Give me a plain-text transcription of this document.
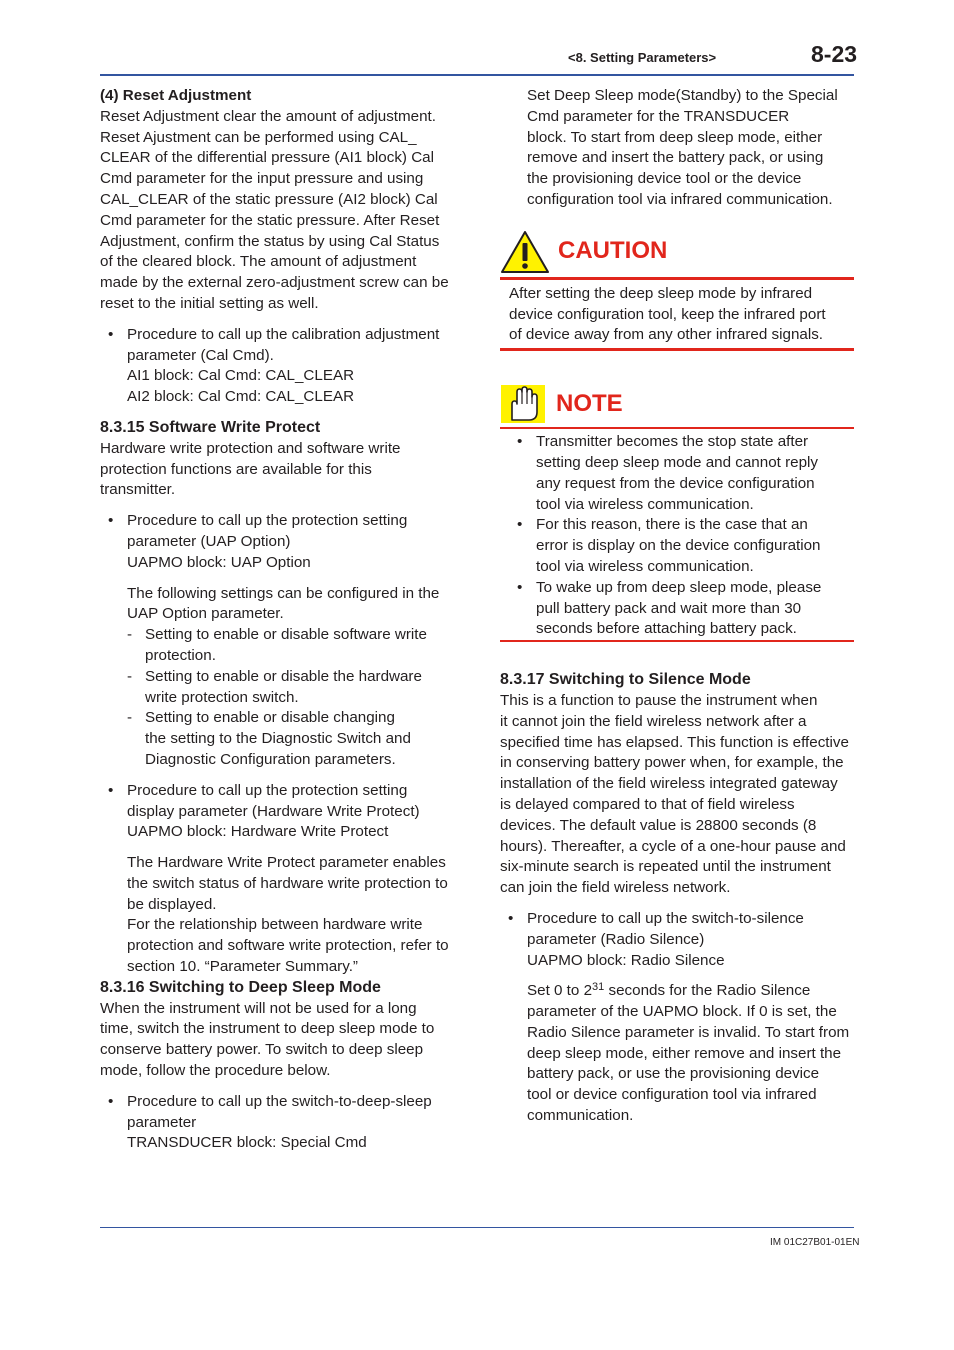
<8. Setting Parameters>	8-23

(4) Reset Adjustment

Reset Adjustment clear the amount of adjustment.
Reset Ajustment can be performed using CAL_
CLEAR of the differential pressure (AI1 block) Cal
Cmd parameter for the input pressure and using
CAL_CLEAR of the static pressure (AI2 block) Cal
Cmd parameter for the static pressure. After Reset
Adjustment, confirm the status by using Cal Status
of the cleared block. The amount of adjustment
made by the external zero-adjustment screw can be
reset to the initial setting as well.

• Procedure to call up the calibration adjustment
parameter (Cal Cmd).
AI1 block: Cal Cmd: CAL_CLEAR
AI2 block: Cal Cmd: CAL_CLEAR

8.3.15 Software Write Protect

Hardware write protection and software write
protection functions are available for this
transmitter.

• Procedure to call up the protection setting
parameter (UAP Option)
UAPMO block: UAP Option

The following settings can be configured in the
UAP Option parameter.

- Setting to enable or disable software write
protection.
- Setting to enable or disable the hardware
write protection switch.
- Setting to enable or disable changing
the setting to the Diagnostic Switch and
Diagnostic Configuration parameters.
• Procedure to call up the protection setting
display parameter (Hardware Write Protect)
UAPMO block: Hardware Write Protect

The Hardware Write Protect parameter enables
the switch status of hardware write protection to
be displayed.
For the relationship between hardware write
protection and software write protection, refer to
section 10. “Parameter Summary.”

8.3.16 Switching to Deep Sleep Mode

When the instrument will not be used for a long
time, switch the instrument to deep sleep mode to
conserve battery power. To switch to deep sleep
mode, follow the procedure below.

• Procedure to call up the switch-to-deep-sleep
parameter
TRANSDUCER block: Special Cmd

Set Deep Sleep mode(Standby) to the Special
Cmd parameter for the TRANSDUCER
block. To start from deep sleep mode, either
remove and insert the battery pack, or using
the provisioning device tool or the device
configuration tool via infrared communication.

CAUTION
After setting the deep sleep mode by infrared
device configuration tool, keep the infrared port
of device away from any other infrared signals.
NOTE
• Transmitter becomes the stop state after
setting deep sleep mode and cannot reply
any request from the device configuration
tool via wireless communication.
• For this reason, there is the case that an
error is display on the device configuration
tool via wireless communication.
• To wake up from deep sleep mode, please
pull battery pack and wait more than 30
seconds before attaching battery pack.

8.3.17 Switching to Silence Mode

This is a function to pause the instrument when
it cannot join the field wireless network after a
specified time has elapsed. This function is effective
in conserving battery power when, for example, the
installation of the field wireless integrated gateway
is delayed compared to that of field wireless
devices. The default value is 28800 seconds (8
hours). Thereafter, a cycle of a one-hour pause and
six-minute search is repeated until the instrument
can join the field wireless network.

• Procedure to call up the switch-to-silence
parameter (Radio Silence)
UAPMO block: Radio Silence

Set 0 to $2^{31}$ seconds for the Radio Silence
parameter of the UAPMO block. If 0 is set, the
Radio Silence parameter is invalid. To start from
deep sleep mode, either remove and insert the
battery pack, or use the provisioning device
tool or device configuration tool via infrared
communication.

IM 01C27B01-01EN
